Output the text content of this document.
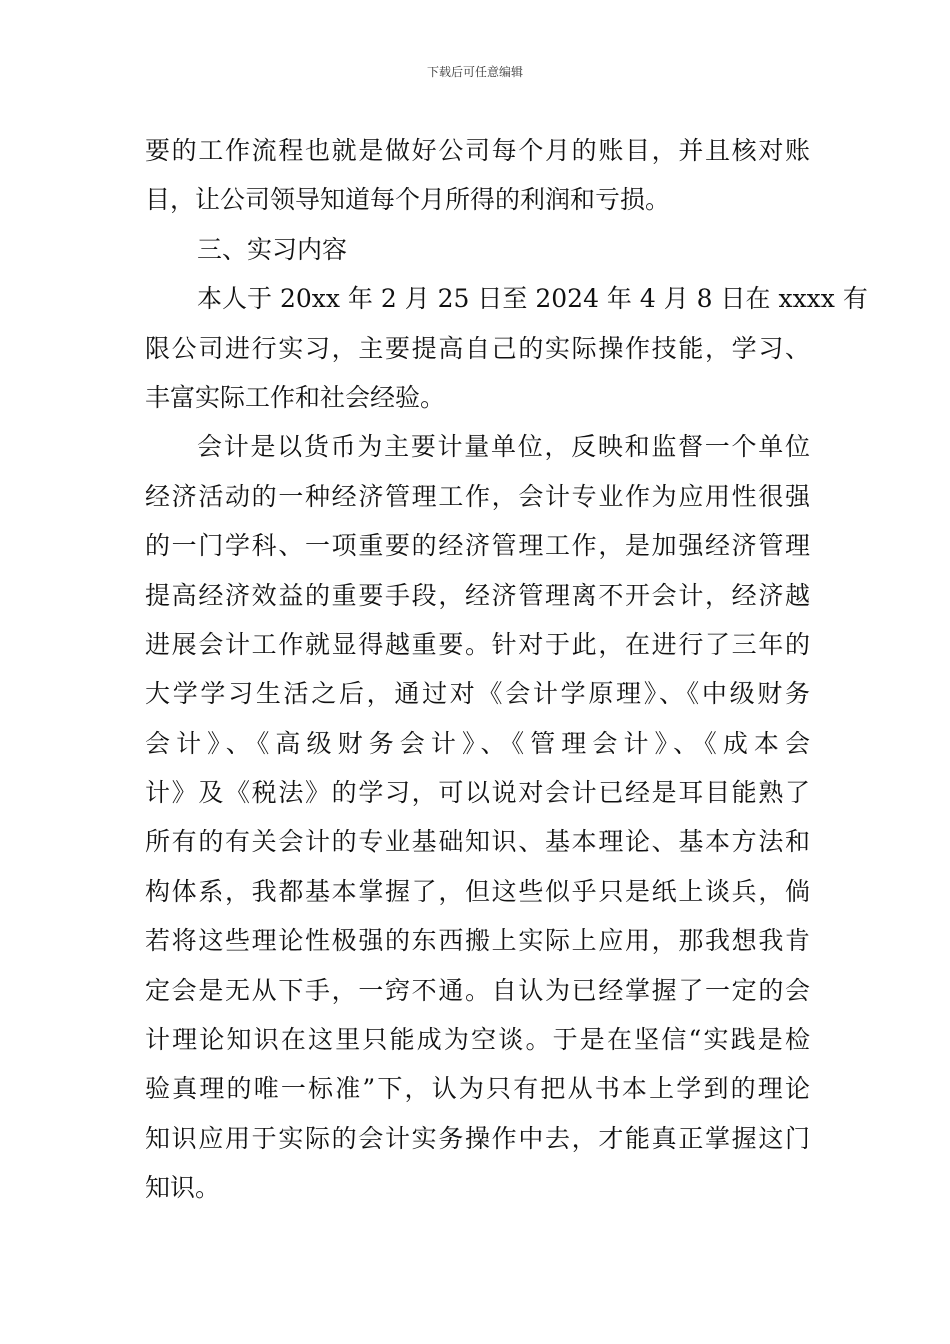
下载后可任意编辑
要的工作流程也就是做好公司每个月的账目，并且核对账
目，让公司领导知道每个月所得的利润和亏损。
三、实习内容
本人于 20xx 年 2 月 25 日至 2024 年 4 月 8 日在 xxxx 有
限公司进行实习，主要提高自己的实际操作技能，学习、
丰富实际工作和社会经验。
会计是以货币为主要计量单位，反映和监督一个单位
经济活动的一种经济管理工作，会计专业作为应用性很强
的一门学科、一项重要的经济管理工作，是加强经济管理
提高经济效益的重要手段，经济管理离不开会计，经济越
进展会计工作就显得越重要。针对于此，在进行了三年的
大学学习生活之后，通过对《会计学原理》、《中级财务
会计》、《高级财务会计》、《管理会计》、《成本会
计》及《税法》的学习，可以说对会计已经是耳目能熟了
所有的有关会计的专业基础知识、基本理论、基本方法和
构体系，我都基本掌握了，但这些似乎只是纸上谈兵，倘
若将这些理论性极强的东西搬上实际上应用，那我想我肯
定会是无从下手，一窍不通。自认为已经掌握了一定的会
计理论知识在这里只能成为空谈。于是在坚信“实践是检
验真理的唯一标准”下，认为只有把从书本上学到的理论
知识应用于实际的会计实务操作中去，才能真正掌握这门
知识。
